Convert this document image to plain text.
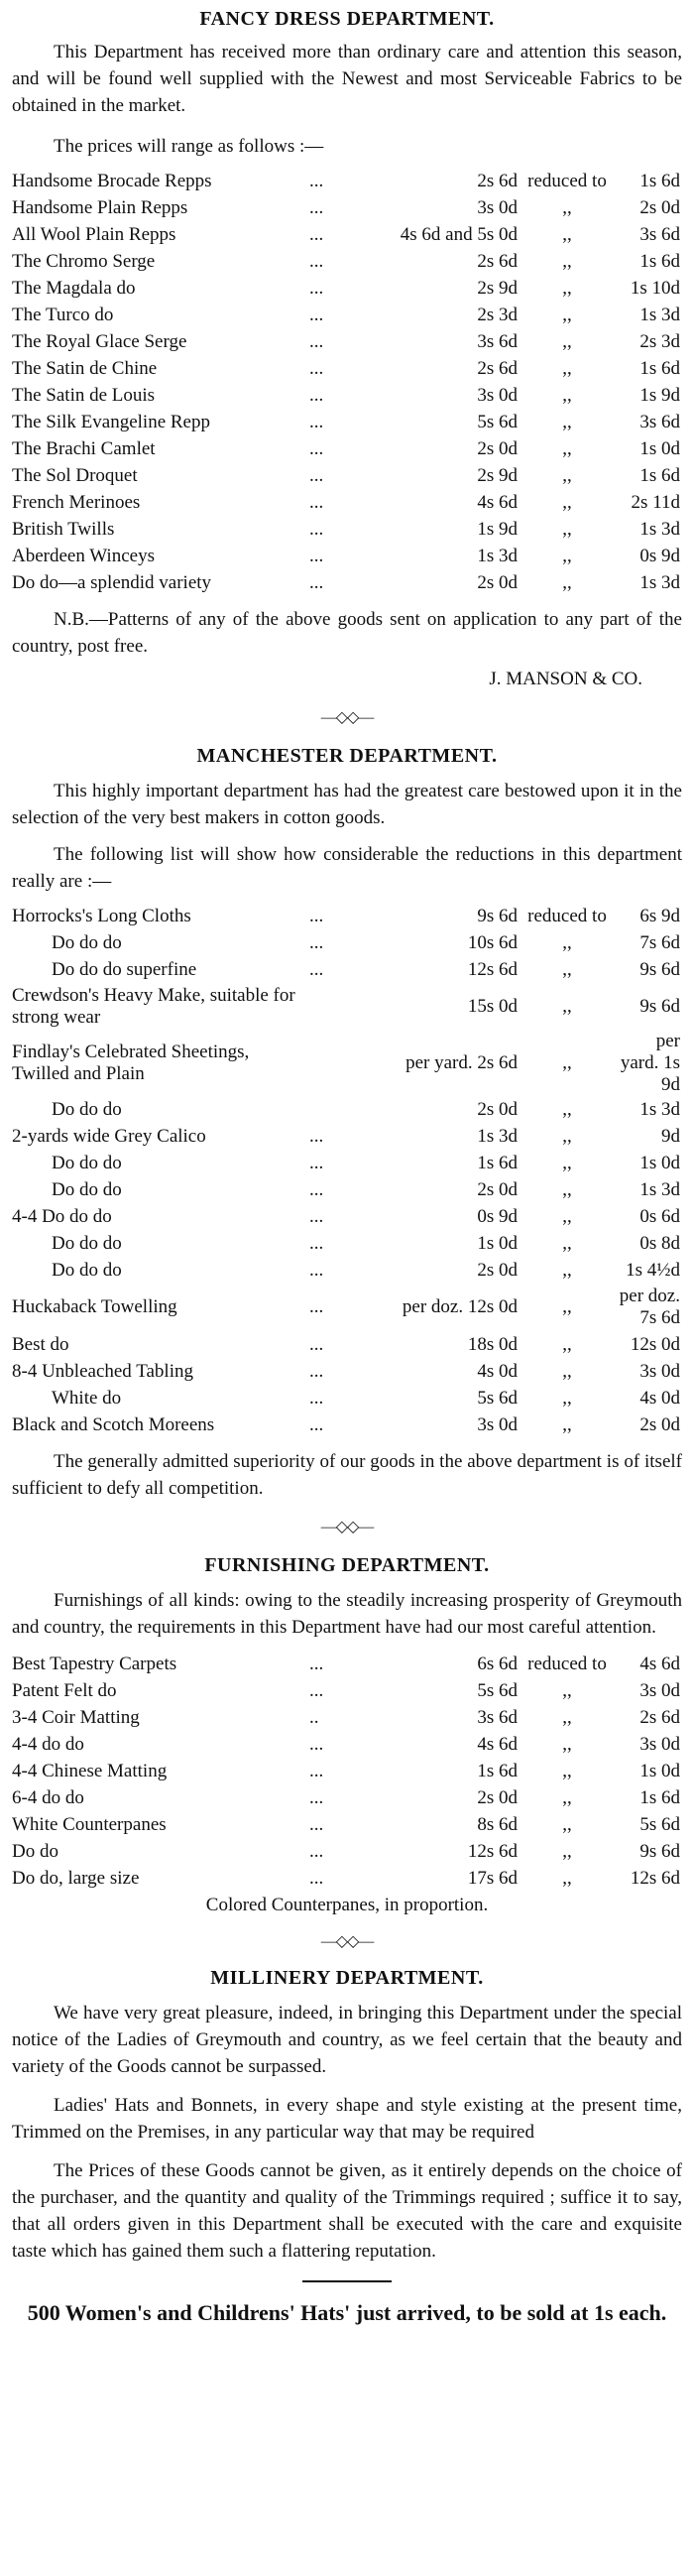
FANCY DRESS DEPARTMENT.

This Department has received more than ordinary care and attention this season, and will be found well supplied with the Newest and most Serviceable Fabrics to be obtained in the market.

The prices will range as follows :—

Handsome Brocade Repps	...	2s 6d	reduced to	1s 6d
Handsome Plain Repps	...	3s 0d	,,	2s 0d
All Wool Plain Repps	...	4s 6d and 5s 0d	,,	3s 6d
The Chromo Serge	...	2s 6d	,,	1s 6d
The Magdala do	...	2s 9d	,,	1s 10d
The Turco do	...	2s 3d	,,	1s 3d
The Royal Glace Serge	...	3s 6d	,,	2s 3d
The Satin de Chine	...	2s 6d	,,	1s 6d
The Satin de Louis	...	3s 0d	,,	1s 9d
The Silk Evangeline Repp	...	5s 6d	,,	3s 6d
The Brachi Camlet	...	2s 0d	,,	1s 0d
The Sol Droquet	...	2s 9d	,,	1s 6d
French Merinoes	...	4s 6d	,,	2s 11d
British Twills	...	1s 9d	,,	1s 3d
Aberdeen Winceys	...	1s 3d	,,	0s 9d
Do do—a splendid variety	...	2s 0d	,,	1s 3d

N.B.—Patterns of any of the above goods sent on application to any part of the country, post free.

J. MANSON & CO.
—◇◇—
MANCHESTER DEPARTMENT.

This highly important department has had the greatest care bestowed upon it in the selection of the very best makers in cotton goods.

The following list will show how considerable the reductions in this department really are :—

Horrocks's Long Cloths	...	9s 6d	reduced to	6s 9d
Do do do	...	10s 6d	,,	7s 6d
Do do do superfine	...	12s 6d	,,	9s 6d
Crewdson's Heavy Make, suitable for strong wear		15s 0d	,,	9s 6d
Findlay's Celebrated Sheetings, Twilled and Plain		per yard. 2s 6d	,,	per yard. 1s 9d
Do do do		2s 0d	,,	1s 3d
2-yards wide Grey Calico	...	1s 3d	,,	9d
Do do do	...	1s 6d	,,	1s 0d
Do do do	...	2s 0d	,,	1s 3d
4-4 Do do do	...	0s 9d	,,	0s 6d
Do do do	...	1s 0d	,,	0s 8d
Do do do	...	2s 0d	,,	1s 4½d
Huckaback Towelling	...	per doz. 12s 0d	,,	per doz. 7s 6d
Best do	...	18s 0d	,,	12s 0d
8-4 Unbleached Tabling	...	4s 0d	,,	3s 0d
White do	...	5s 6d	,,	4s 0d
Black and Scotch Moreens	...	3s 0d	,,	2s 0d

The generally admitted superiority of our goods in the above department is of itself sufficient to defy all competition.

—◇◇—
FURNISHING DEPARTMENT.

Furnishings of all kinds: owing to the steadily increasing prosperity of Greymouth and country, the requirements in this Department have had our most careful attention.

Best Tapestry Carpets	...	6s 6d	reduced to	4s 6d
Patent Felt do	...	5s 6d	,,	3s 0d
3-4 Coir Matting	..	3s 6d	,,	2s 6d
4-4 do do	...	4s 6d	,,	3s 0d
4-4 Chinese Matting	...	1s 6d	,,	1s 0d
6-4 do do	...	2s 0d	,,	1s 6d
White Counterpanes	...	8s 6d	,,	5s 6d
Do do	...	12s 6d	,,	9s 6d
Do do, large size	...	17s 6d	,,	12s 6d
Colored Counterpanes, in proportion.
—◇◇—
MILLINERY DEPARTMENT.

We have very great pleasure, indeed, in bringing this Department under the special notice of the Ladies of Greymouth and country, as we feel certain that the beauty and variety of the Goods cannot be surpassed.

Ladies' Hats and Bonnets, in every shape and style existing at the present time, Trimmed on the Premises, in any particular way that may be required

The Prices of these Goods cannot be given, as it entirely depends on the choice of the purchaser, and the quantity and quality of the Trimmings required ; suffice it to say, that all orders given in this Department shall be executed with the care and exquisite taste which has gained them such a flattering reputation.

500 Women's and Childrens' Hats' just arrived, to be sold at 1s each.
